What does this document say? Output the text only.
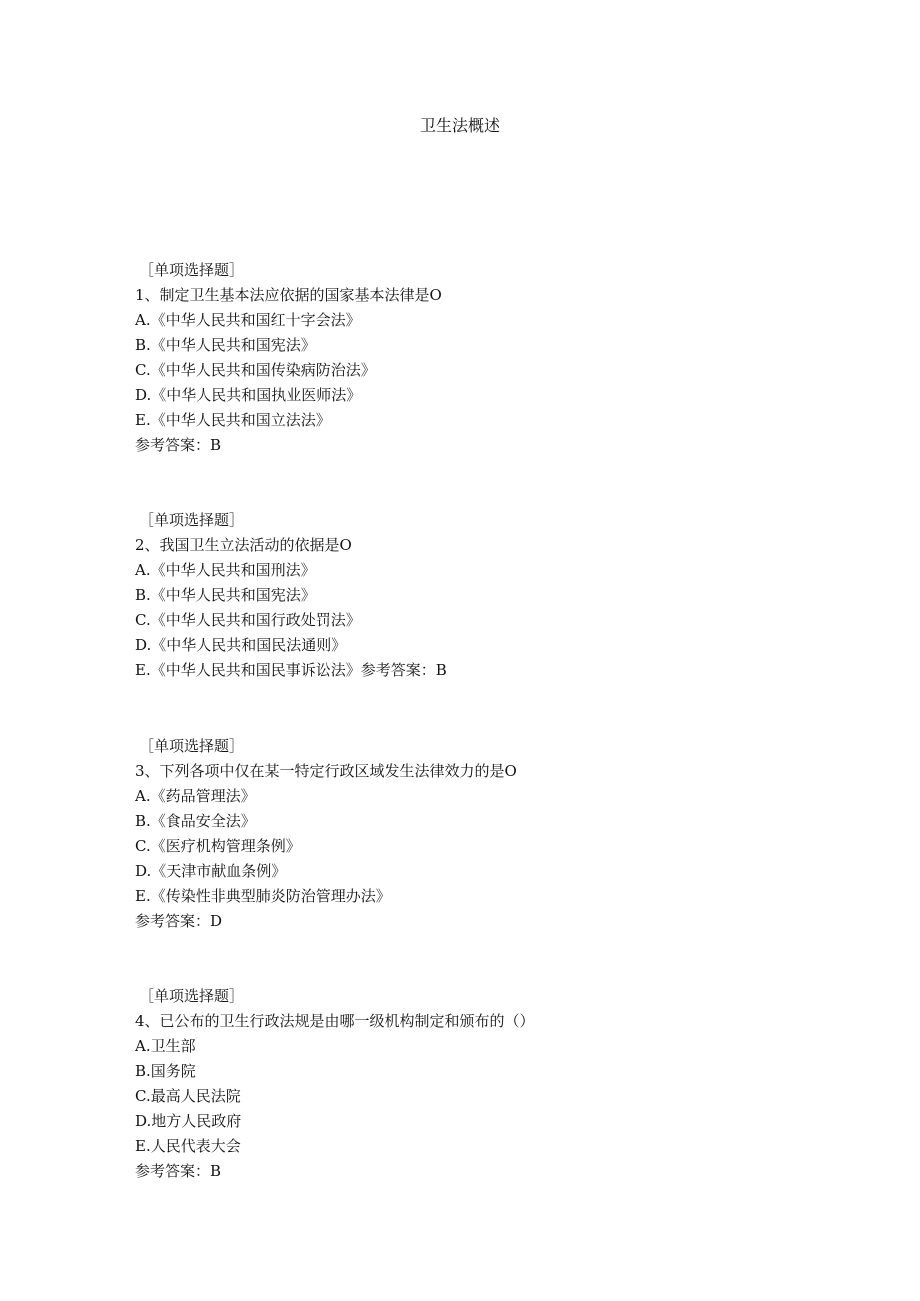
卫生法概述
［单项选择题］
1、制定卫生基本法应依据的国家基本法律是O
A.《中华人民共和国红十字会法》
B.《中华人民共和国宪法》
C.《中华人民共和国传染病防治法》
D.《中华人民共和国执业医师法》
E.《中华人民共和国立法法》
参考答案：B
［单项选择题］
2、我国卫生立法活动的依据是O
A.《中华人民共和国刑法》
B.《中华人民共和国宪法》
C.《中华人民共和国行政处罚法》
D.《中华人民共和国民法通则》
E.《中华人民共和国民事诉讼法》参考答案：B
［单项选择题］
3、下列各项中仅在某一特定行政区域发生法律效力的是O
A.《药品管理法》
B.《食品安全法》
C.《医疗机构管理条例》
D.《天津市献血条例》
E.《传染性非典型肺炎防治管理办法》
参考答案：D
［单项选择题］
4、已公布的卫生行政法规是由哪一级机构制定和颁布的（）
A.卫生部
B.国务院
C.最高人民法院
D.地方人民政府
E.人民代表大会
参考答案：B
